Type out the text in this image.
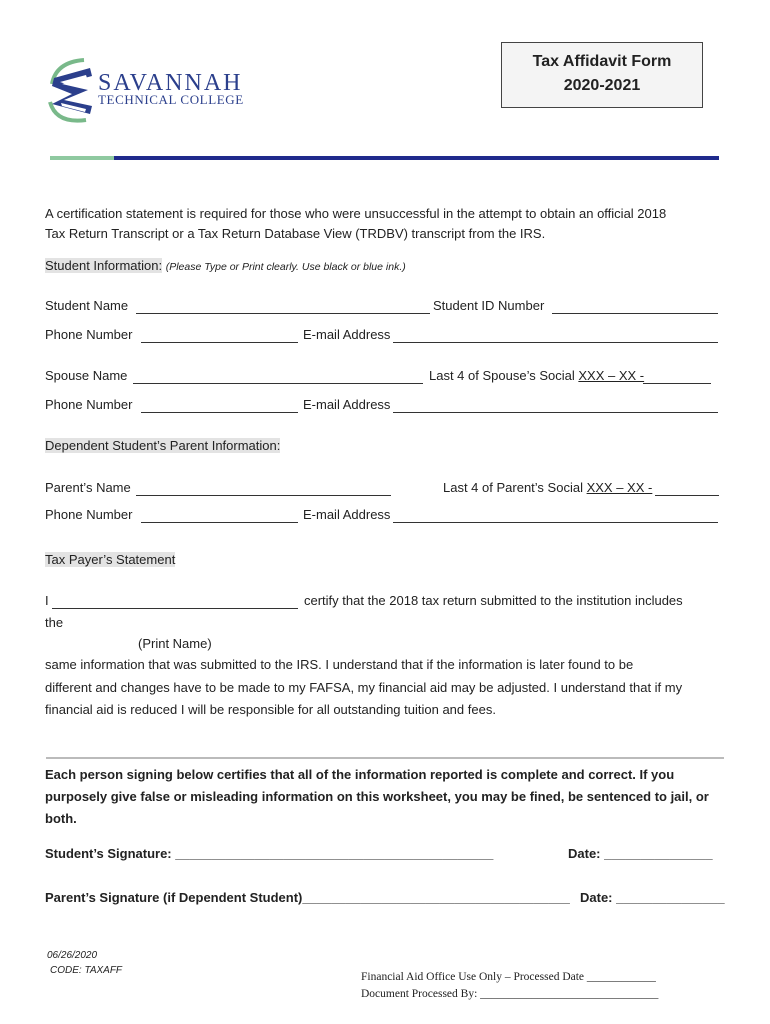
SAVANNAH
TECHNICAL COLLEGE
Tax Affidavit Form
2020-2021
A certification statement is required for those who were unsuccessful in the attempt to obtain an official 2018
Tax Return Transcript or a Tax Return Database View (TRDBV) transcript from the IRS.
Student Information: (Please Type or Print clearly. Use black or blue ink.)
Student Name	Student ID Number
Phone Number	E-mail Address
Spouse Name	Last 4 of Spouse’s Social XXX – XX -
Phone Number	E-mail Address
Dependent Student’s Parent Information:
Parent’s Name	Last 4 of Parent’s Social XXX – XX -
Phone Number	E-mail Address
Tax Payer’s Statement
I	certify that the 2018 tax return submitted to the institution includes
the
(Print Name)
same information that was submitted to the IRS. I understand that if the information is later found to be
different and changes have to be made to my FAFSA, my financial aid may be adjusted. I understand that if my
financial aid is reduced I will be responsible for all outstanding tuition and fees.
Each person signing below certifies that all of the information reported is complete and correct. If you
purposely give false or misleading information on this worksheet, you may be fined, be sentenced to jail, or
both.
Student’s Signature: ____________________________________________	Date: _______________
Parent’s Signature (if Dependent Student)_____________________________________ Date: _______________
06/26/2020
CODE: TAXAFF
Financial Aid Office Use Only – Processed Date ____________
Document Processed By: _______________________________
